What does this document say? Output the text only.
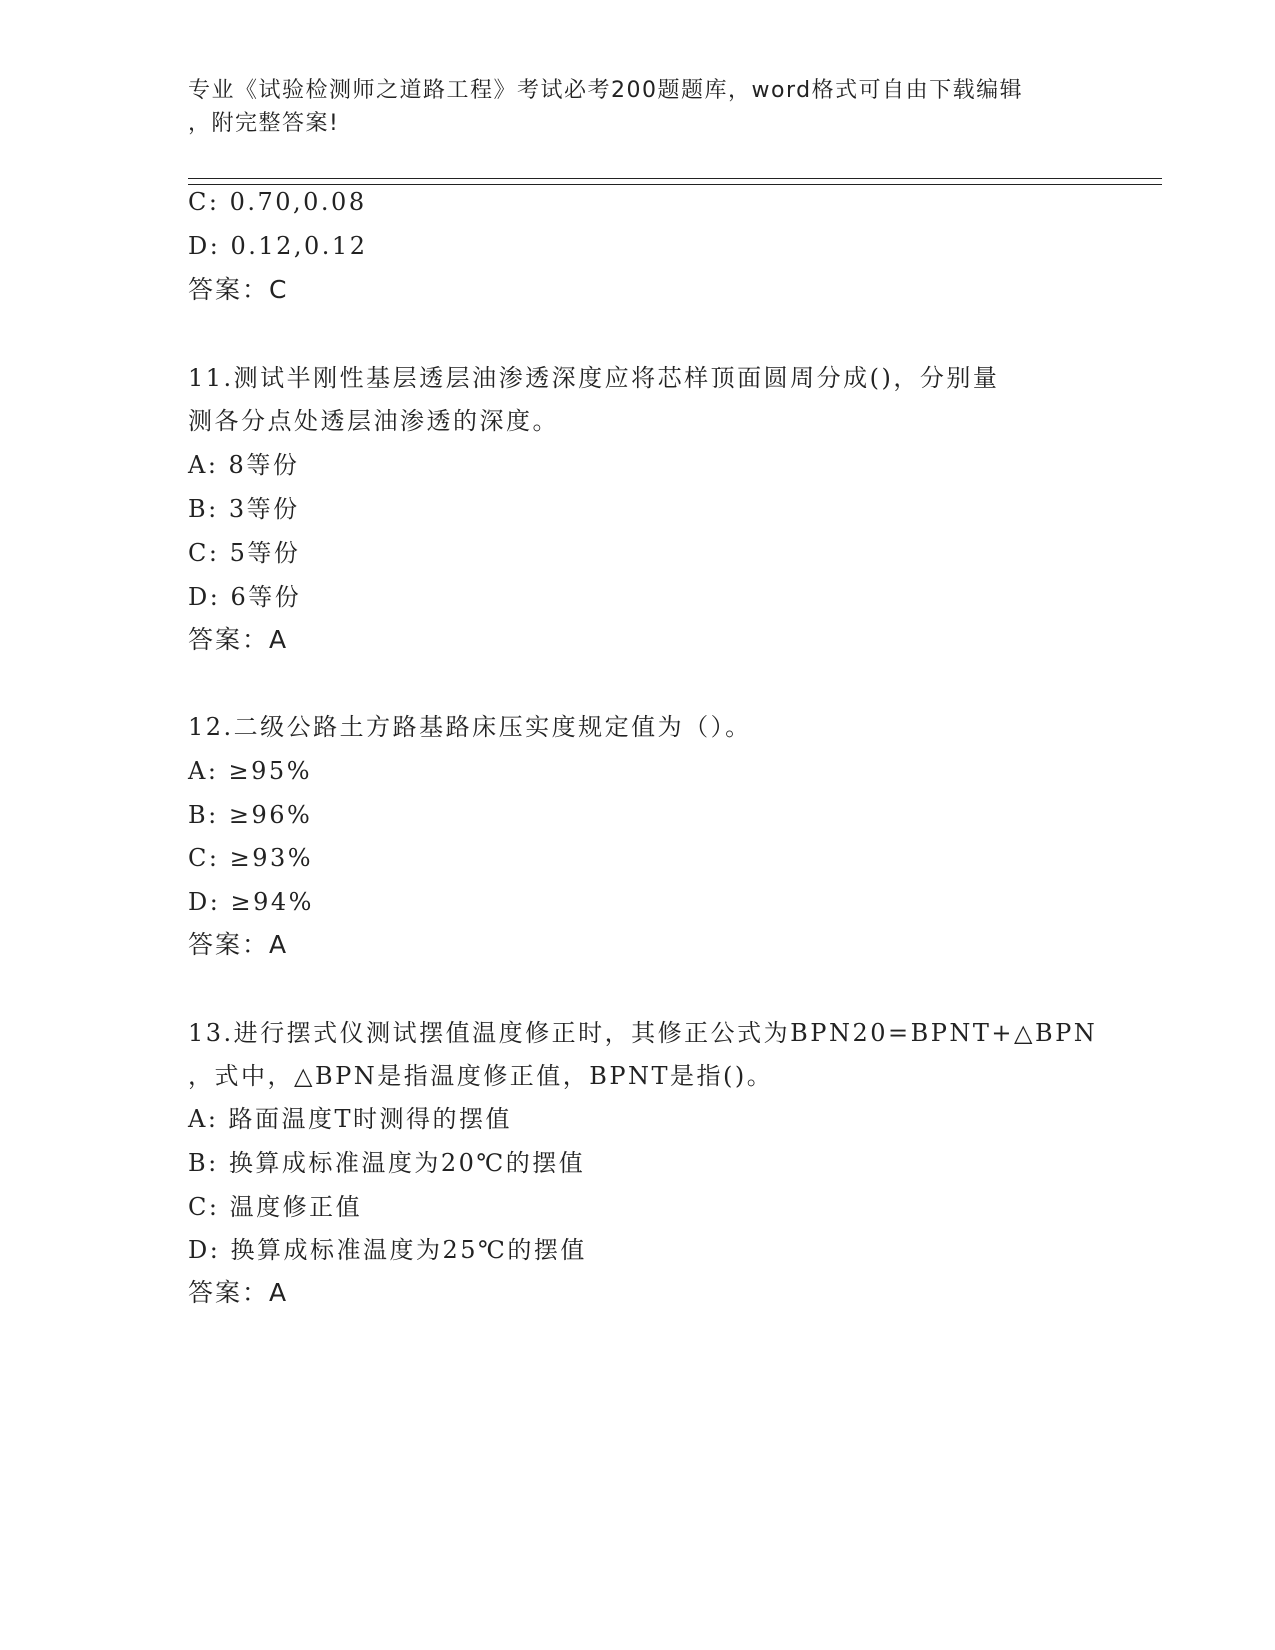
专业《试验检测师之道路工程》考试必考200题题库，word格式可自由下载编辑
，附完整答案!
C: 0.70,0.08
D: 0.12,0.12
答案：C
11.测试半刚性基层透层油渗透深度应将芯样顶面圆周分成()，分别量
测各分点处透层油渗透的深度。
A: 8等份
B: 3等份
C: 5等份
D: 6等份
答案：A
12.二级公路土方路基路床压实度规定值为（）。
A: ≥95%
B: ≥96%
C: ≥93%
D: ≥94%
答案：A
13.进行摆式仪测试摆值温度修正时，其修正公式为BPN20=BPNT+△BPN
，式中，△BPN是指温度修正值，BPNT是指()。
A: 路面温度T时测得的摆值
B: 换算成标准温度为20℃的摆值
C: 温度修正值
D: 换算成标准温度为25℃的摆值
答案：A
